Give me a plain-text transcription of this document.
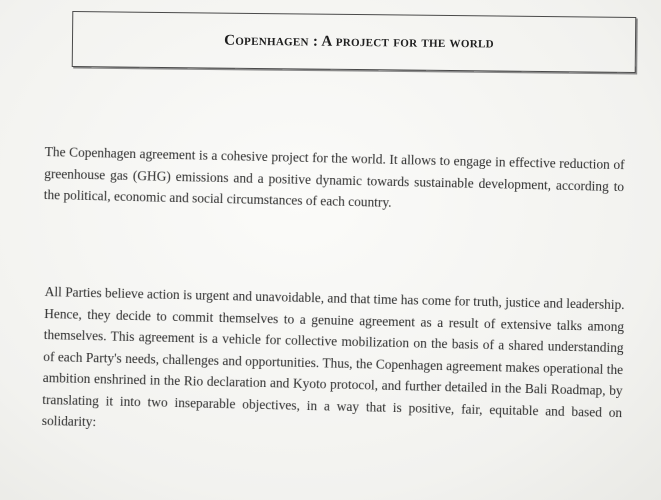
Copenhagen : A project for the world

The Copenhagen agreement is a cohesive project for the world. It allows to engage in effective reduction of greenhouse gas (GHG) emissions and a positive dynamic towards sustainable development, according to the political, economic and social circumstances of each country.

All Parties believe action is urgent and unavoidable, and that time has come for truth, justice and leadership. Hence, they decide to commit themselves to a genuine agreement as a result of extensive talks among themselves. This agreement is a vehicle for collective mobilization on the basis of a shared understanding of each Party's needs, challenges and opportunities. Thus, the Copenhagen agreement makes operational the ambition enshrined in the Rio declaration and Kyoto protocol, and further detailed in the Bali Roadmap, by translating it into two inseparable objectives, in a way that is positive, fair, equitable and based on solidarity:
